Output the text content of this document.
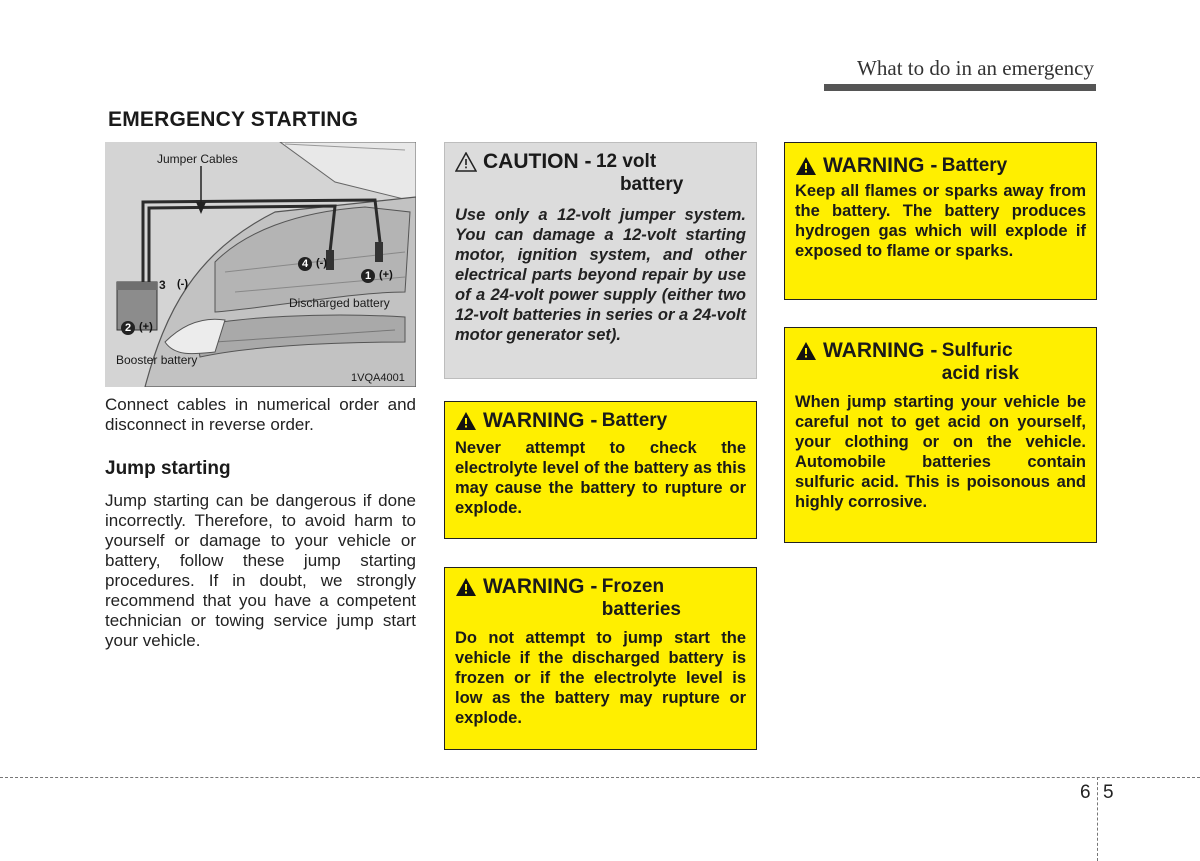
What to do in an emergency
EMERGENCY STARTING
Jumper Cables
1 (+)
2 (+)
3 (-)
4 (-)
Discharged battery
Booster battery
1VQA4001
Connect cables in numerical order and disconnect in reverse order.
Jump starting
Jump starting can be dangerous if done incorrectly. Therefore, to avoid harm to yourself or damage to your vehicle or battery, follow these jump starting procedures. If in doubt, we strongly recommend that you have a competent technician or towing service jump start your vehicle.
CAUTION -
12 volt
battery
Use only a 12-volt jumper system. You can damage a 12-volt starting motor, ignition system, and other electrical parts beyond repair by use of a 24-volt power supply (either two 12-volt batteries in series or a 24-volt motor generator set).
WARNING -
Battery
Never attempt to check the electrolyte level of the battery as this may cause the battery to rupture or explode.
WARNING -
Frozen
batteries
Do not attempt to jump start the vehicle if the discharged battery is frozen or if the electrolyte level is low as the battery may rupture or explode.
WARNING -
Battery
Keep all flames or sparks away from the battery. The battery produces hydrogen gas which will explode if exposed to flame or sparks.
WARNING -
Sulfuric
acid risk
When jump starting your vehicle be careful not to get acid on yourself, your clothing or on the vehicle. Automobile batteries contain sulfuric acid. This is poisonous and highly corrosive.
6 5
